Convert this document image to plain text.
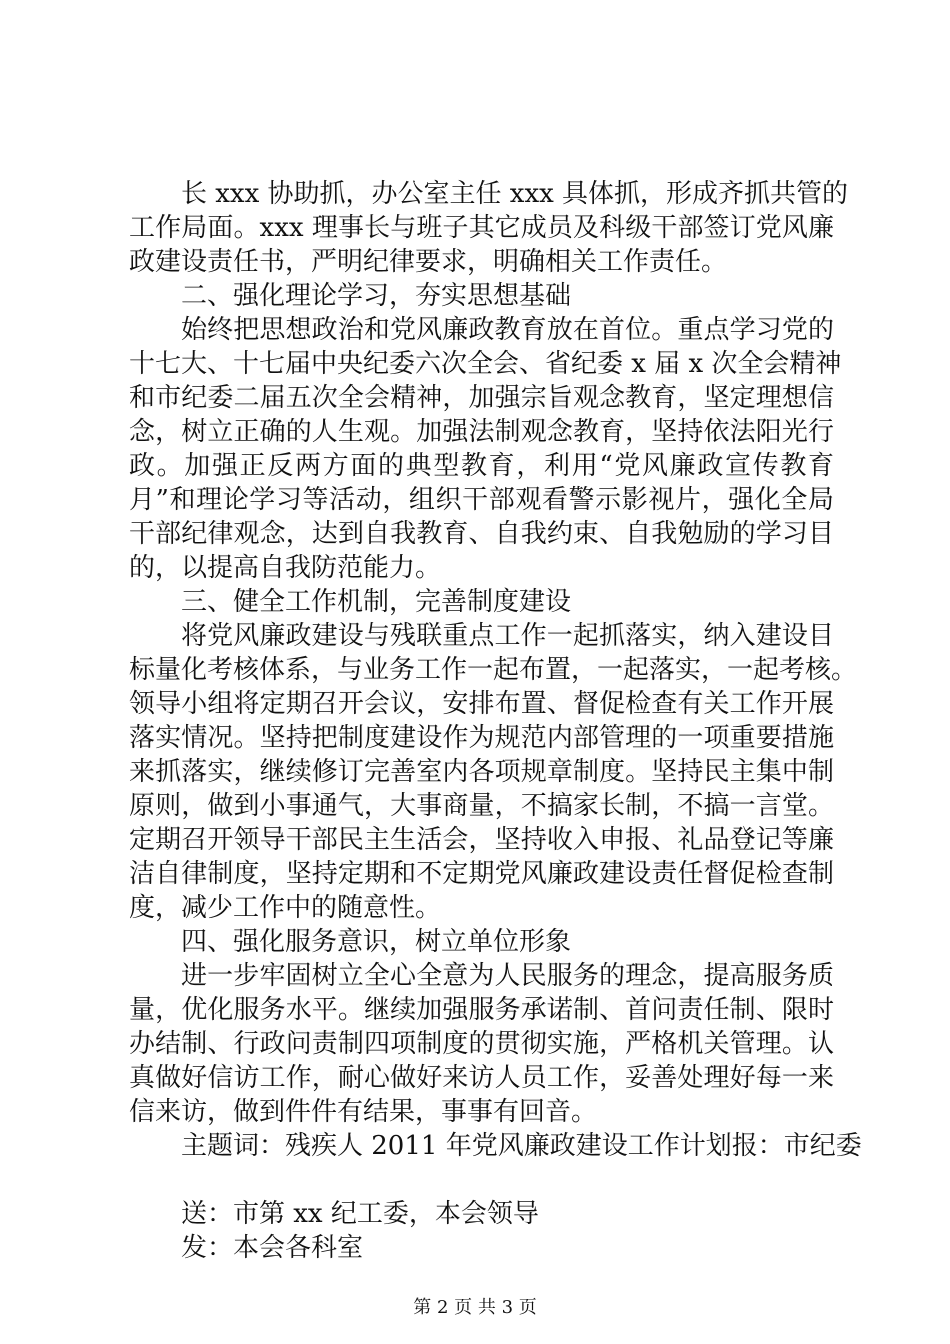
长 xxx 协助抓，办公室主任 xxx 具体抓，形成齐抓共管的
工作局面。xxx 理事长与班子其它成员及科级干部签订党风廉
政建设责任书，严明纪律要求，明确相关工作责任。
二、强化理论学习，夯实思想基础
始终把思想政治和党风廉政教育放在首位。重点学习党的
十七大、十七届中央纪委六次全会、省纪委 x 届 x 次全会精神
和市纪委二届五次全会精神，加强宗旨观念教育，坚定理想信
念，树立正确的人生观。加强法制观念教育，坚持依法阳光行
政。加强正反两方面的典型教育，利用“党风廉政宣传教育
月”和理论学习等活动，组织干部观看警示影视片，强化全局
干部纪律观念，达到自我教育、自我约束、自我勉励的学习目
的，以提高自我防范能力。
三、健全工作机制，完善制度建设
将党风廉政建设与残联重点工作一起抓落实，纳入建设目
标量化考核体系，与业务工作一起布置，一起落实，一起考核。
领导小组将定期召开会议，安排布置、督促检查有关工作开展
落实情况。坚持把制度建设作为规范内部管理的一项重要措施
来抓落实，继续修订完善室内各项规章制度。坚持民主集中制
原则，做到小事通气，大事商量，不搞家长制，不搞一言堂。
定期召开领导干部民主生活会，坚持收入申报、礼品登记等廉
洁自律制度，坚持定期和不定期党风廉政建设责任督促检查制
度，减少工作中的随意性。
四、强化服务意识，树立单位形象
进一步牢固树立全心全意为人民服务的理念，提高服务质
量，优化服务水平。继续加强服务承诺制、首问责任制、限时
办结制、行政问责制四项制度的贯彻实施，严格机关管理。认
真做好信访工作，耐心做好来访人员工作，妥善处理好每一来
信来访，做到件件有结果，事事有回音。
主题词：残疾人 2011 年党风廉政建设工作计划报：市纪委
送：市第 xx 纪工委，本会领导
发：本会各科室
第 2 页 共 3 页
